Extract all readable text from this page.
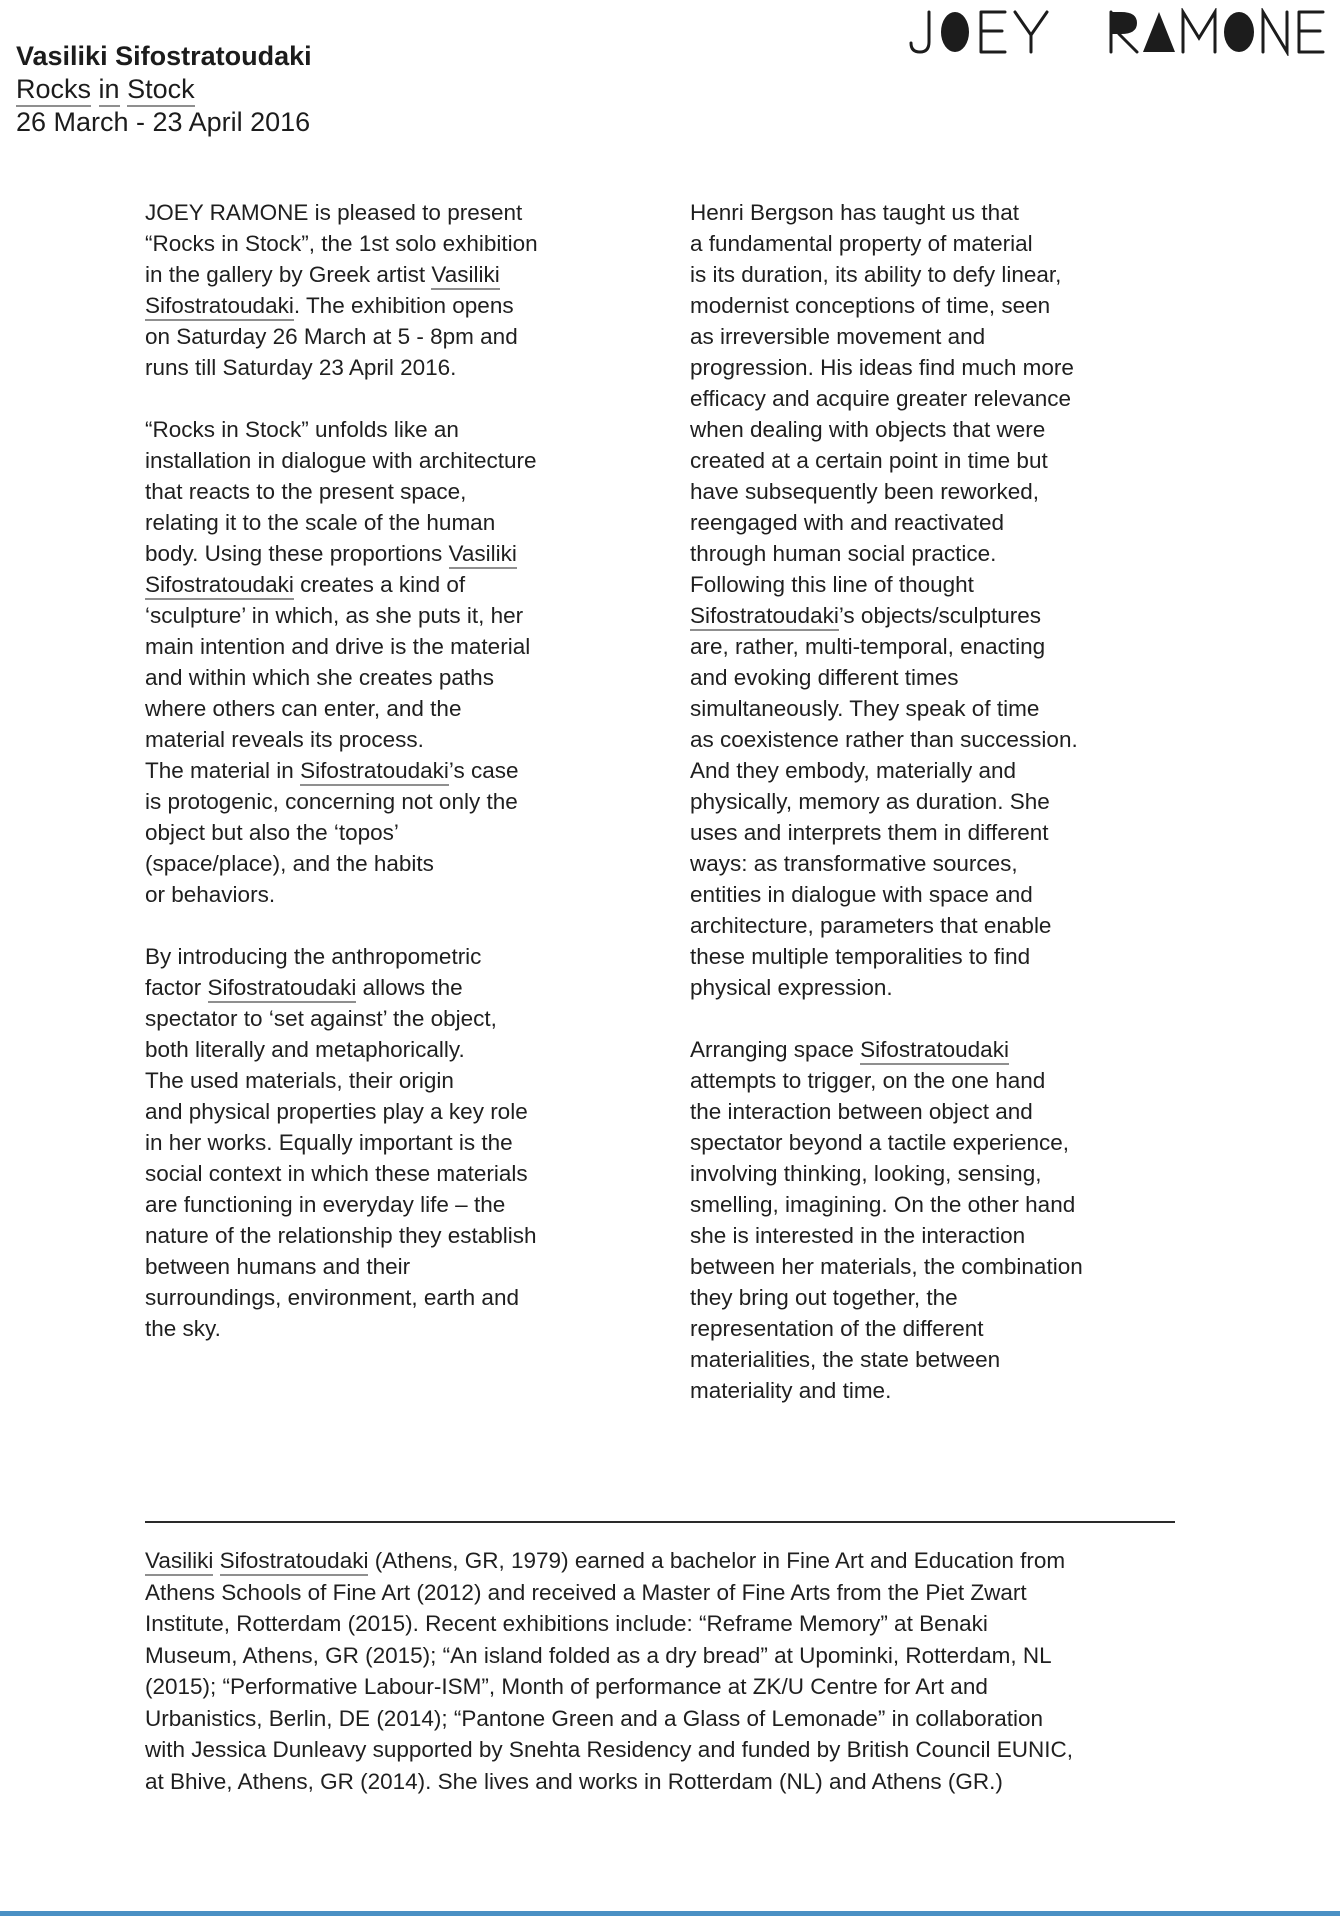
Vasiliki Sifostratoudaki
Rocks in Stock
26 March - 23 April 2016

JOEY RAMONE is pleased to present
“Rocks in Stock”, the 1st solo exhibition
in the gallery by Greek artist Vasiliki
Sifostratoudaki. The exhibition opens
on Saturday 26 March at 5 - 8pm and
runs till Saturday 23 April 2016.

“Rocks in Stock” unfolds like an
installation in dialogue with architecture
that reacts to the present space,
relating it to the scale of the human
body. Using these proportions Vasiliki
Sifostratoudaki creates a kind of
‘sculpture’ in which, as she puts it, her
main intention and drive is the material
and within which she creates paths
where others can enter, and the
material reveals its process.
The material in Sifostratoudaki’s case
is protogenic, concerning not only the
object but also the ‘topos’
(space/place), and the habits
or behaviors.

By introducing the anthropometric
factor Sifostratoudaki allows the
spectator to ‘set against’ the object,
both literally and metaphorically.
The used materials, their origin
and physical properties play a key role
in her works. Equally important is the
social context in which these materials
are functioning in everyday life – the
nature of the relationship they establish
between humans and their
surroundings, environment, earth and
the sky.

Henri Bergson has taught us that
a fundamental property of material
is its duration, its ability to defy linear,
modernist conceptions of time, seen
as irreversible movement and
progression. His ideas find much more
efficacy and acquire greater relevance
when dealing with objects that were
created at a certain point in time but
have subsequently been reworked,
reengaged with and reactivated
through human social practice.
Following this line of thought
Sifostratoudaki’s objects/sculptures
are, rather, multi-temporal, enacting
and evoking different times
simultaneously. They speak of time
as coexistence rather than succession.
And they embody, materially and
physically, memory as duration. She
uses and interprets them in different
ways: as transformative sources,
entities in dialogue with space and
architecture, parameters that enable
these multiple temporalities to find
physical expression.

Arranging space Sifostratoudaki
attempts to trigger, on the one hand
the interaction between object and
spectator beyond a tactile experience,
involving thinking, looking, sensing,
smelling, imagining. On the other hand
she is interested in the interaction
between her materials, the combination
they bring out together, the
representation of the different
materialities, the state between
materiality and time.

Vasiliki Sifostratoudaki (Athens, GR, 1979) earned a bachelor in Fine Art and Education from
Athens Schools of Fine Art (2012) and received a Master of Fine Arts from the Piet Zwart
Institute, Rotterdam (2015). Recent exhibitions include: “Reframe Memory” at Benaki
Museum, Athens, GR (2015); “An island folded as a dry bread” at Upominki, Rotterdam, NL
(2015); “Performative Labour-ISM”, Month of performance at ZK/U Centre for Art and
Urbanistics, Berlin, DE (2014); “Pantone Green and a Glass of Lemonade” in collaboration
with Jessica Dunleavy supported by Snehta Residency and funded by British Council EUNIC,
at Bhive, Athens, GR (2014). She lives and works in Rotterdam (NL) and Athens (GR.)
